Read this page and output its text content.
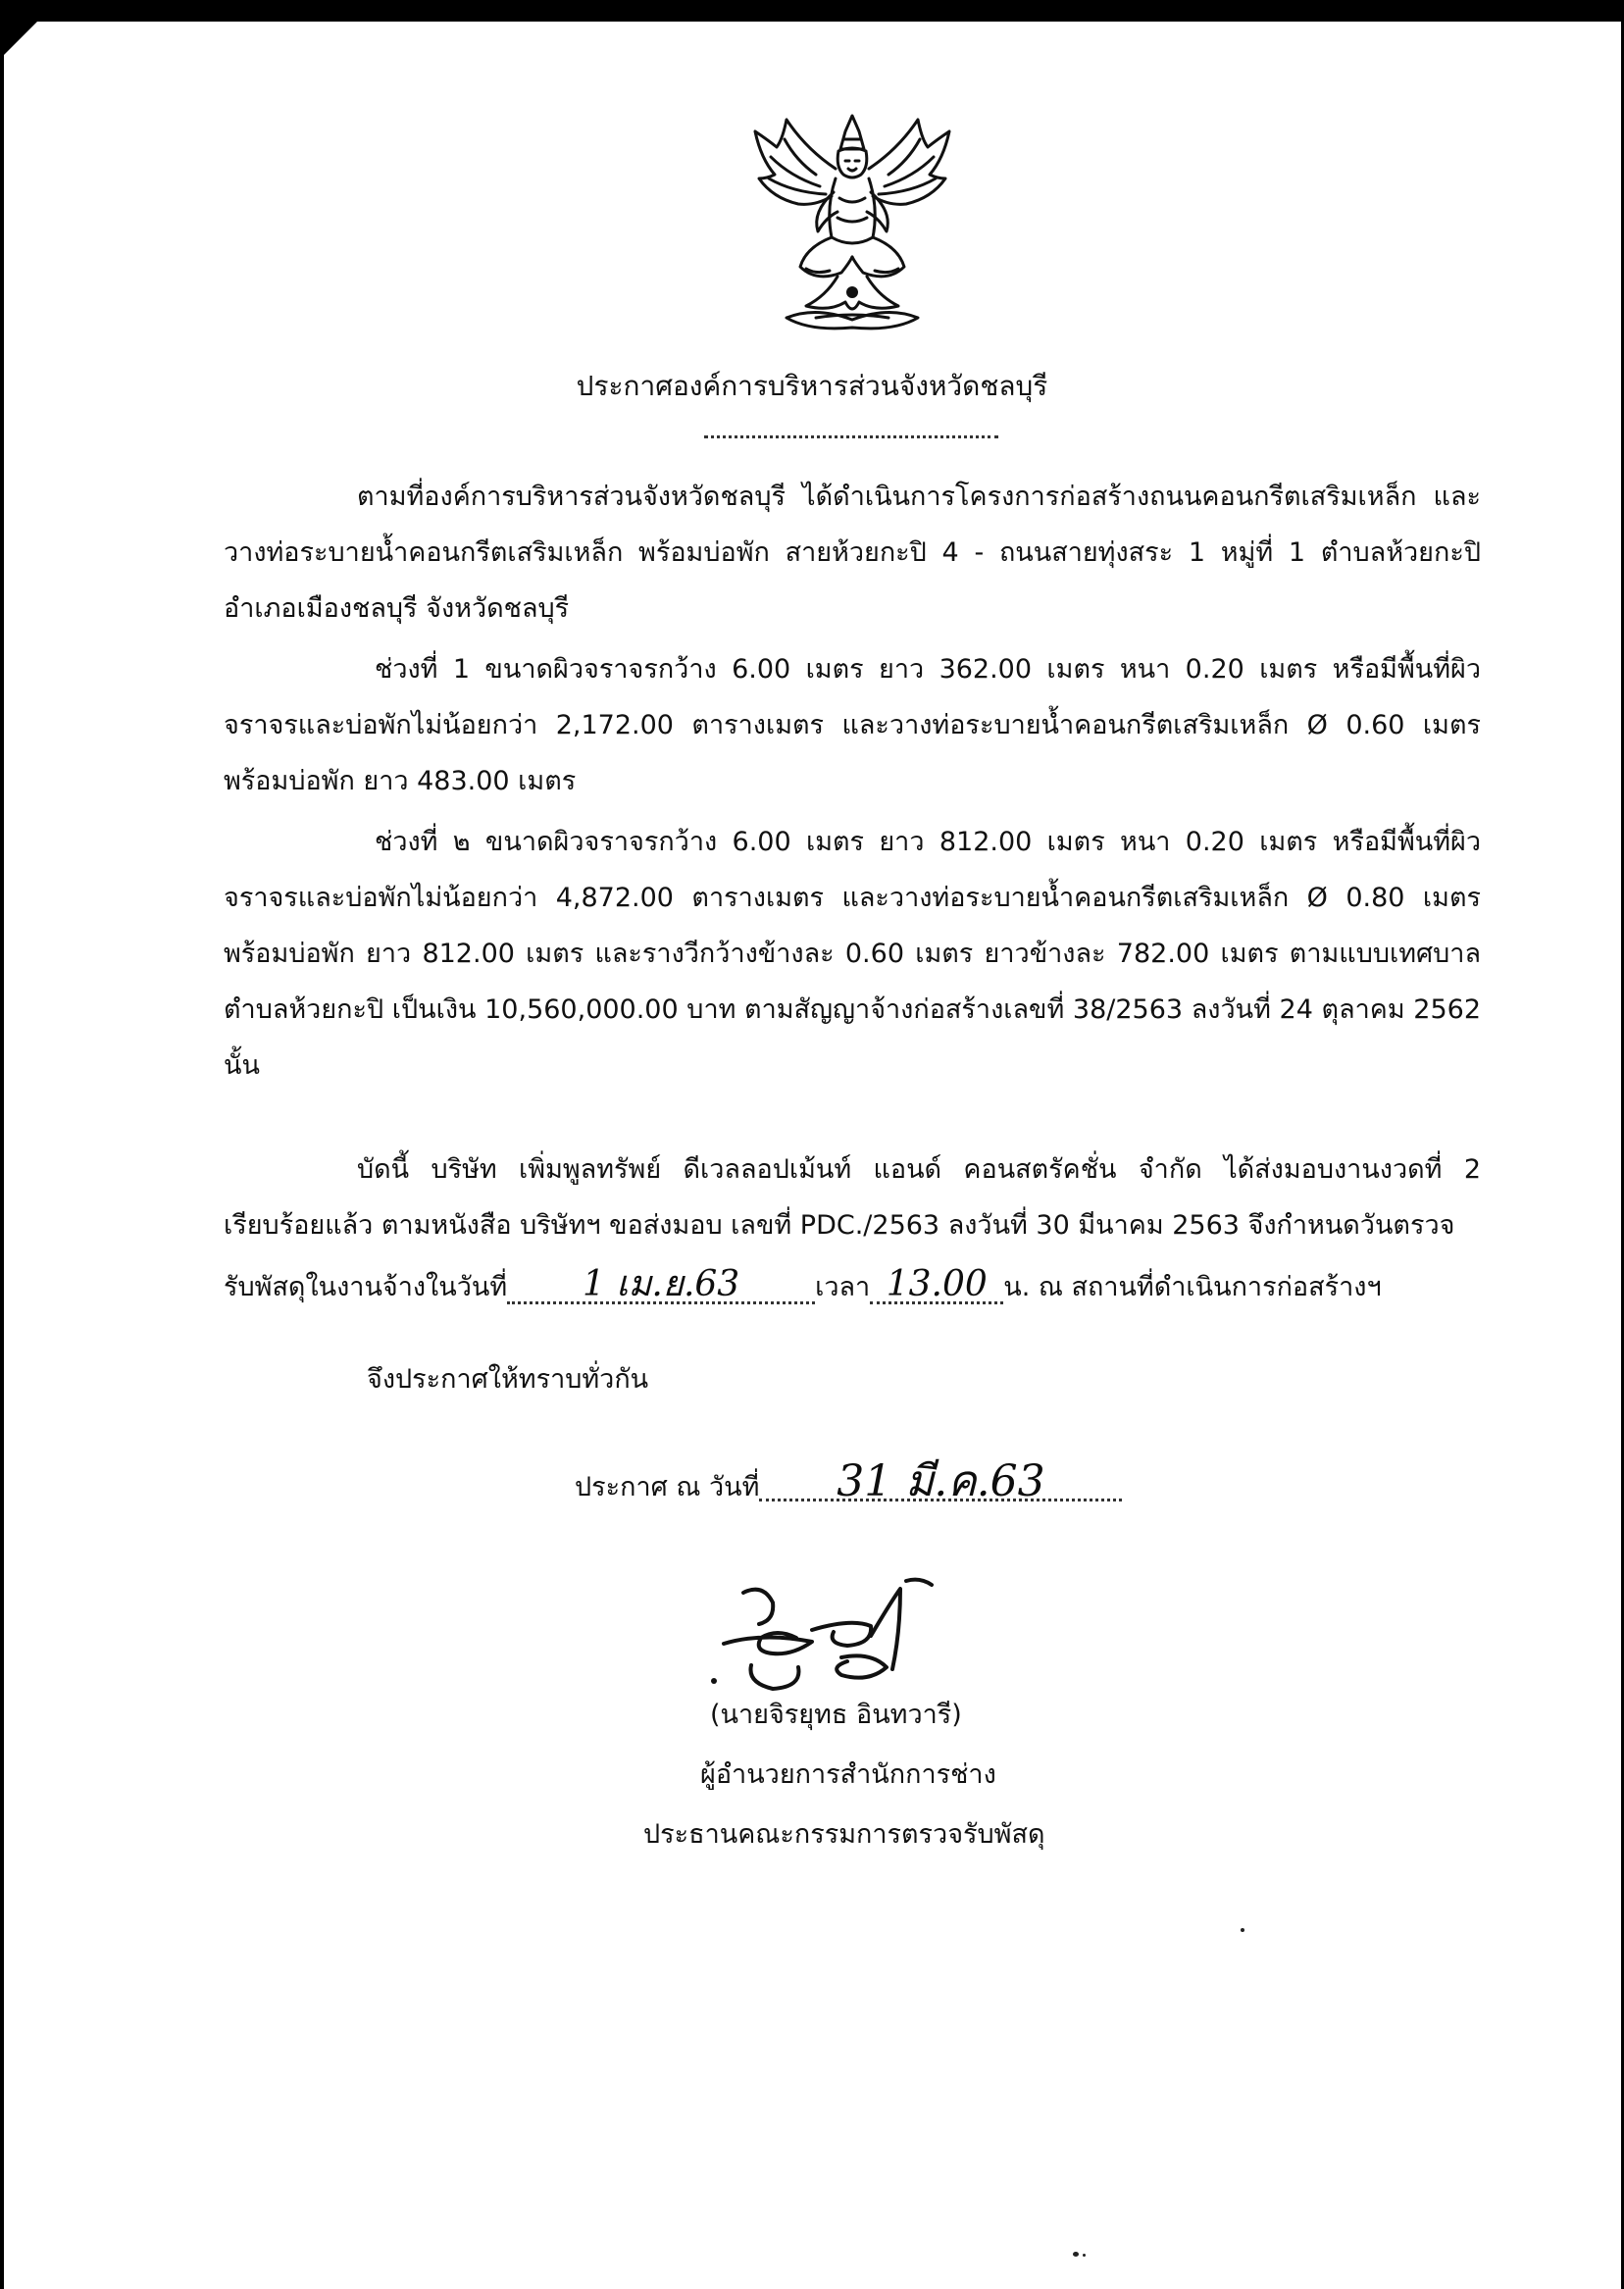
ประกาศองค์การบริหารส่วนจังหวัดชลบุรี

ตามที่องค์การบริหารส่วนจังหวัดชลบุรี ได้ดำเนินการโครงการก่อสร้างถนนคอนกรีตเสริมเหล็ก และวางท่อระบายน้ำคอนกรีตเสริมเหล็ก พร้อมบ่อพัก สายห้วยกะปิ 4 - ถนนสายทุ่งสระ 1 หมู่ที่ 1 ตำบลห้วยกะปิ อำเภอเมืองชลบุรี จังหวัดชลบุรี

ช่วงที่ 1 ขนาดผิวจราจรกว้าง 6.00 เมตร ยาว 362.00 เมตร หนา 0.20 เมตร หรือมีพื้นที่ผิวจราจรและบ่อพักไม่น้อยกว่า 2,172.00 ตารางเมตร และวางท่อระบายน้ำคอนกรีตเสริมเหล็ก Ø 0.60 เมตร พร้อมบ่อพัก ยาว 483.00 เมตร

ช่วงที่ ๒ ขนาดผิวจราจรกว้าง 6.00 เมตร ยาว 812.00 เมตร หนา 0.20 เมตร หรือมีพื้นที่ผิวจราจรและบ่อพักไม่น้อยกว่า 4,872.00 ตารางเมตร และวางท่อระบายน้ำคอนกรีตเสริมเหล็ก Ø 0.80 เมตร พร้อมบ่อพัก ยาว 812.00 เมตร และรางวีกว้างข้างละ 0.60 เมตร ยาวข้างละ 782.00 เมตร ตามแบบเทศบาลตำบลห้วยกะปิ เป็นเงิน 10,560,000.00 บาท ตามสัญญาจ้างก่อสร้างเลขที่ 38/2563 ลงวันที่ 24 ตุลาคม 2562 นั้น

บัดนี้ บริษัท เพิ่มพูลทรัพย์ ดีเวลลอปเม้นท์ แอนด์ คอนสตรัคชั่น จำกัด ได้ส่งมอบงานงวดที่ 2 เรียบร้อยแล้ว ตามหนังสือ บริษัทฯ ขอส่งมอบ เลขที่ PDC./2563 ลงวันที่ 30 มีนาคม 2563 จึงกำหนดวันตรวจ

รับพัสดุในงานจ้างในวันที่ 1 เม.ย.63	เวลา 13.00 น. ณ สถานที่ดำเนินการก่อสร้างฯ
จึงประกาศให้ทราบทั่วกัน
ประกาศ ณ วันที่ 31 มี.ค.63
(นายจิรยุทธ อินทวารี)
ผู้อำนวยการสำนักการช่าง
ประธานคณะกรรมการตรวจรับพัสดุ
